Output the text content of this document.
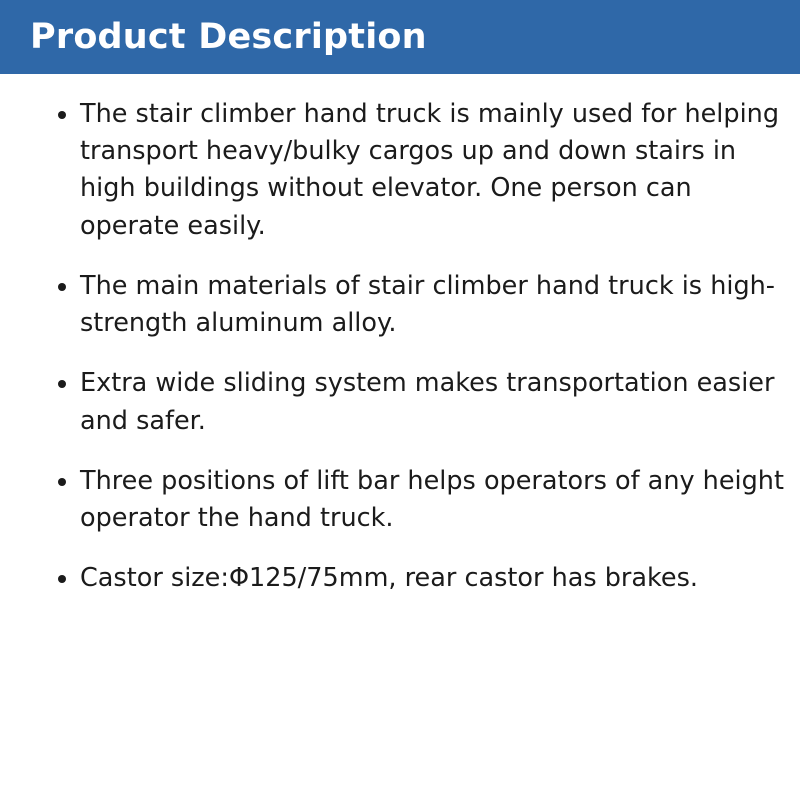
Product Description
The stair climber hand truck is mainly used for helping transport heavy/bulky cargos up and down stairs in high buildings without elevator. One person can operate easily.
The main materials of stair climber hand truck is high-strength aluminum alloy.
Extra wide sliding system makes transportation easier and safer.
Three positions of lift bar helps operators of any height operator the hand truck.
Castor size:Φ125/75mm, rear castor has brakes.
